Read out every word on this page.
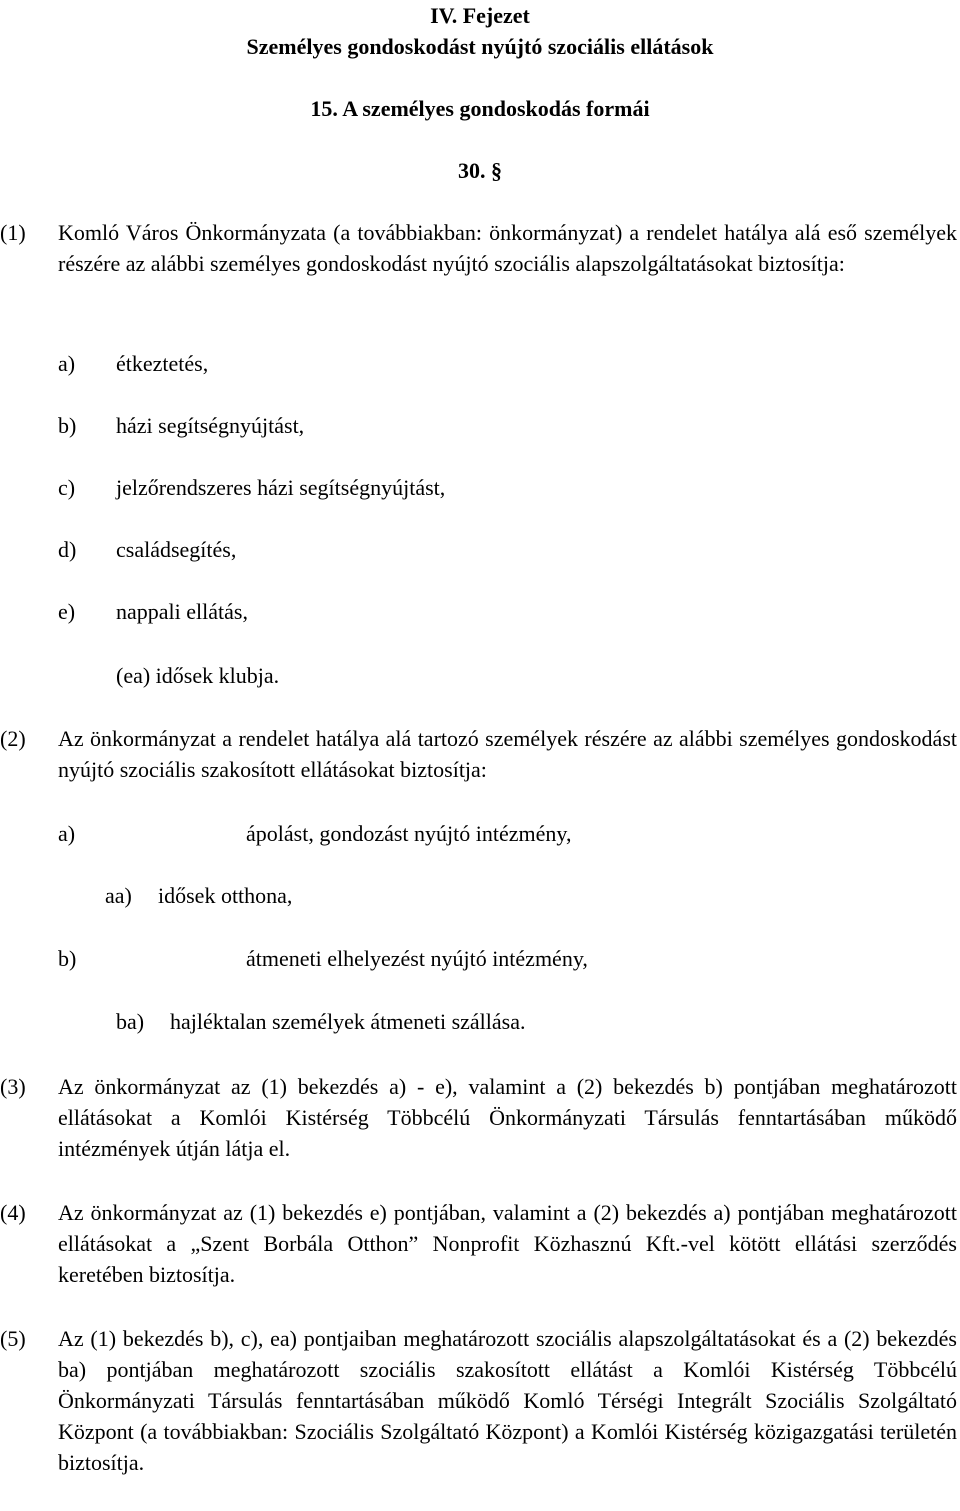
IV. Fejezet
Személyes gondoskodást nyújtó szociális ellátások
15. A személyes gondoskodás formái
30. §
(1) Komló Város Önkormányzata (a továbbiakban: önkormányzat) a rendelet hatálya alá eső személyek részére az alábbi személyes gondoskodást nyújtó szociális alapszolgáltatásokat biztosítja:
a) étkeztetés,
b) házi segítségnyújtást,
c) jelzőrendszeres házi segítségnyújtást,
d) családsegítés,
e) nappali ellátás,
(ea) idősek klubja.
(2) Az önkormányzat a rendelet hatálya alá tartozó személyek részére az alábbi személyes gondoskodást nyújtó szociális szakosított ellátásokat biztosítja:
a)	ápolást, gondozást nyújtó intézmény,
aa) idősek otthona,
b)	átmeneti elhelyezést nyújtó intézmény,
ba) hajléktalan személyek átmeneti szállása.
(3) Az önkormányzat az (1) bekezdés a) - e), valamint a (2) bekezdés b) pontjában meghatározott ellátásokat a Komlói Kistérség Többcélú Önkormányzati Társulás fenntartásában működő intézmények útján látja el.
(4) Az önkormányzat az (1) bekezdés e) pontjában, valamint a (2) bekezdés a) pontjában meghatározott ellátásokat a „Szent Borbála Otthon” Nonprofit Közhasznú Kft.-vel kötött ellátási szerződés keretében biztosítja.
(5) Az (1) bekezdés b), c), ea) pontjaiban meghatározott szociális alapszolgáltatásokat és a (2) bekezdés ba) pontjában meghatározott szociális szakosított ellátást a Komlói Kistérség Többcélú Önkormányzati Társulás fenntartásában működő Komló Térségi Integrált Szociális Szolgáltató Központ (a továbbiakban: Szociális Szolgáltató Központ) a Komlói Kistérség közigazgatási területén biztosítja.
